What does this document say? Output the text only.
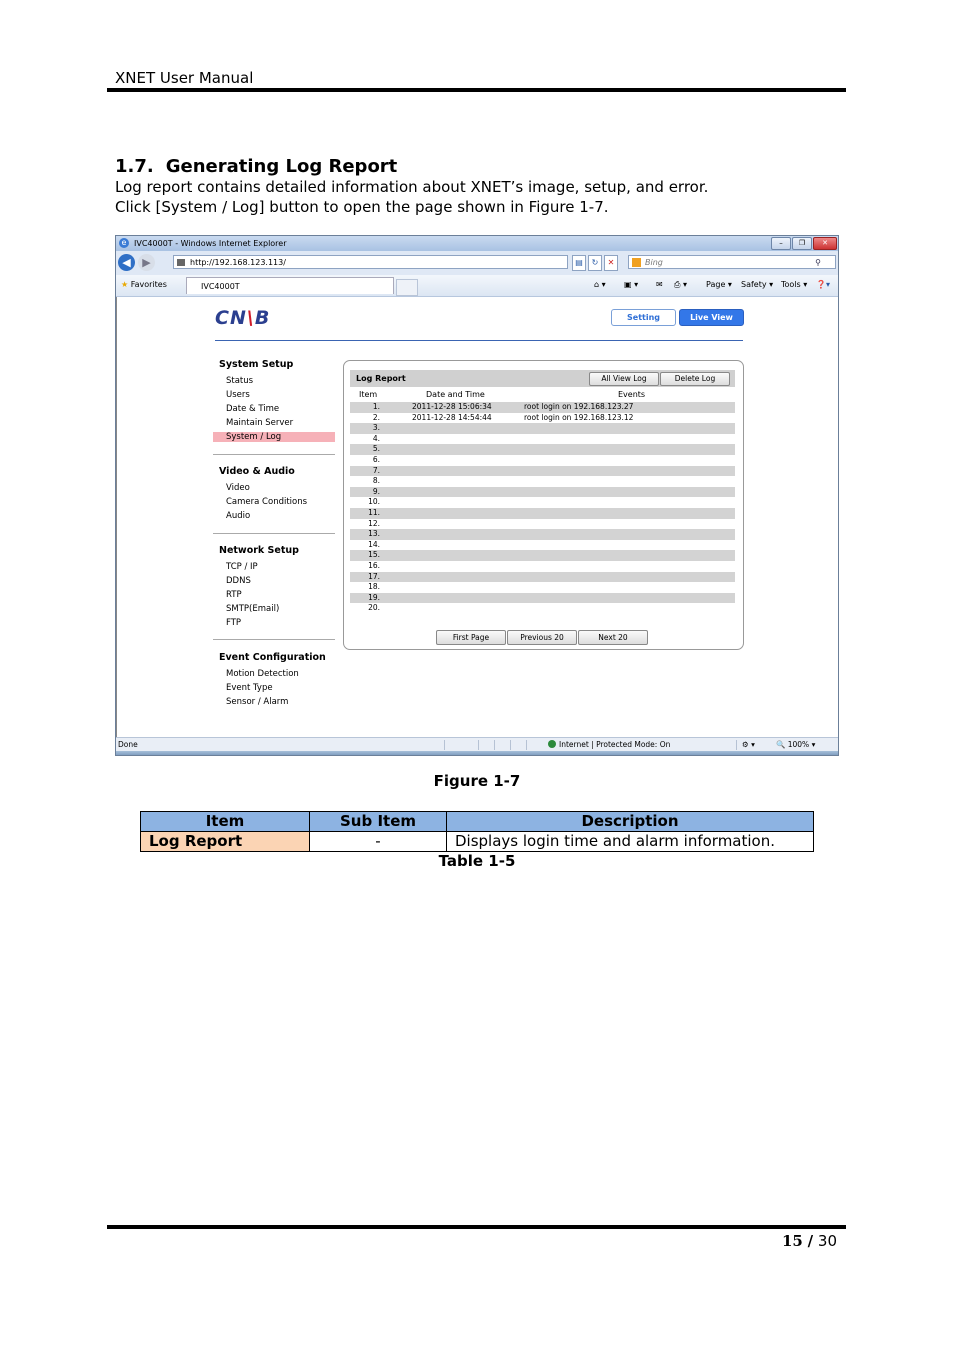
XNET User Manual
1.7. Generating Log Report
Log report contains detailed information about XNET’s image, setup, and error.
Click [System / Log] button to open the page shown in Figure 1-7.
e IVC4000T - Windows Internet Explorer	–	❐	✕
◀	▶	http://192.168.123.113/	▤	↻	✕	Bing	⚲
★ Favorites	IVC4000T	⌂ ▾ ▣ ▾ ✉ ⎙ ▾ Page ▾ Safety ▾ Tools ▾ ❓▾
CN\B	Setting	Live View
System Setup
Status
Users
Date & Time
Maintain Server
System / Log
Video & Audio
Video
Camera Conditions
Audio
Network Setup
TCP / IP
DDNS
RTP
SMTP(Email)
FTP
Event Configuration
Motion Detection
Event Type
Sensor / Alarm
Log Report	All View Log	Delete Log
Item	Date and Time	Events
1.	2011-12-28 15:06:34	root login on 192.168.123.27
2.	2011-12-28 14:54:44	root login on 192.168.123.12
3.
4.
5.
6.
7.
8.
9.
10.
11.
12.
13.
14.
15.
16.
17.
18.
19.
20.
First Page	Previous 20	Next 20
Done	Internet | Protected Mode: On	⚙ ▾	🔍 100% ▾
Figure 1-7
Item	Sub Item	Description
Log Report	-	Displays login time and alarm information.
Table 1-5
15 / 30
